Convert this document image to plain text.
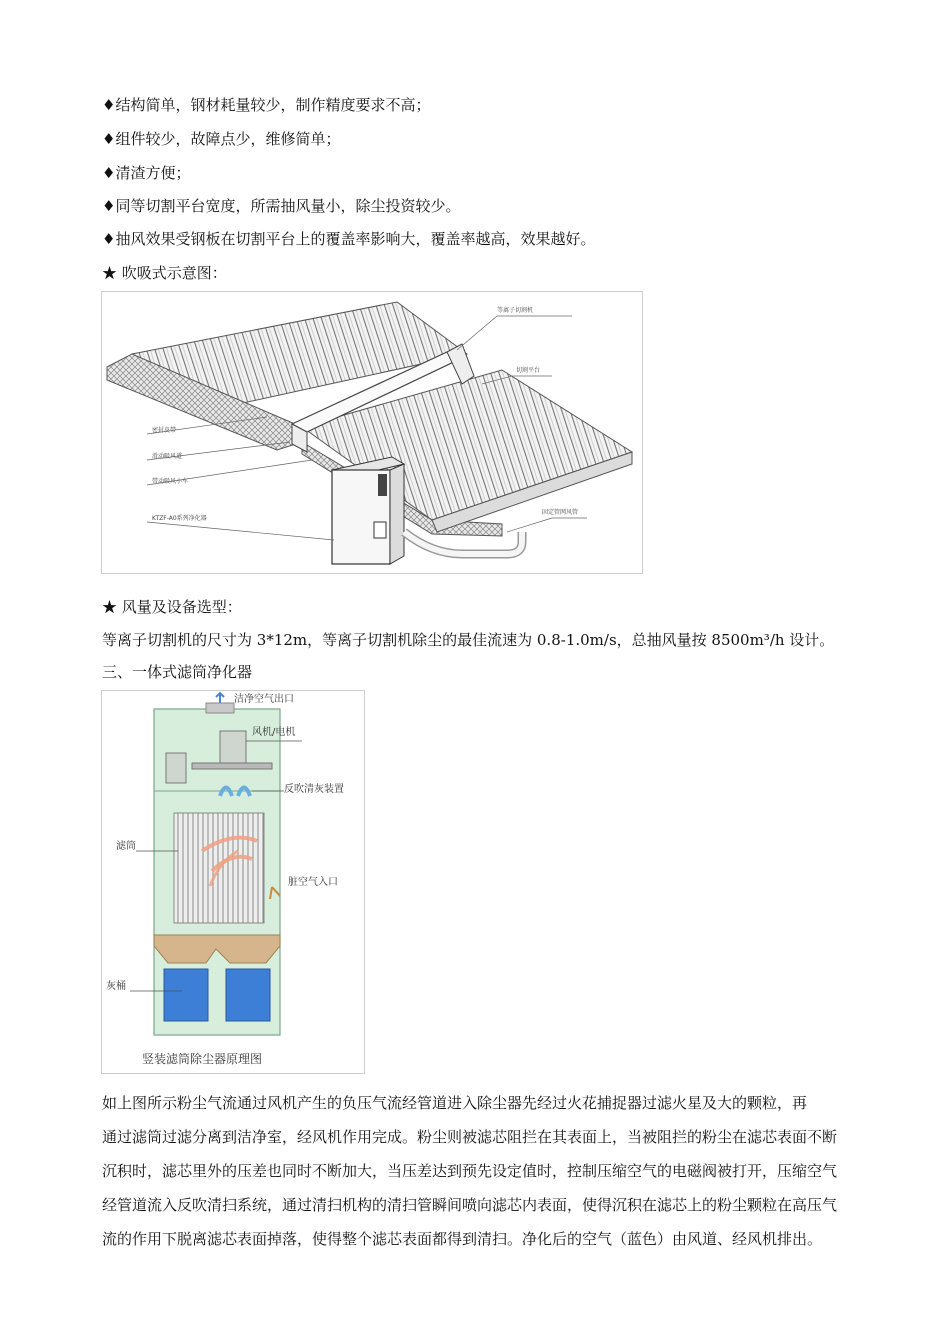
♦结构简单，钢材耗量较少，制作精度要求不高；
♦组件较少，故障点少，维修简单；
♦清渣方便；
♦同等切割平台宽度，所需抽风量小，除尘投资较少。
♦抽风效果受钢板在切割平台上的覆盖率影响大，覆盖率越高，效果越好。
★ 吹吸式示意图：
等离子切割机
切割平台
密封皮带
滑动吸风道
带动吸风小车
KTZF-A0系列净化器
固定管网风管
★ 风量及设备选型：
等离子切割机的尺寸为 3*12m，等离子切割机除尘的最佳流速为 0.8-1.0m/s，总抽风量按 8500m³/h 设计。
三、一体式滤筒净化器
洁净空气出口
风机/电机
反吹清灰装置
滤筒
脏空气入口
灰桶
竖装滤筒除尘器原理图
如上图所示粉尘气流通过风机产生的负压气流经管道进入除尘器先经过火花捕捉器过滤火星及大的颗粒，再
通过滤筒过滤分离到洁净室，经风机作用完成。粉尘则被滤芯阻拦在其表面上，当被阻拦的粉尘在滤芯表面不断
沉积时，滤芯里外的压差也同时不断加大，当压差达到预先设定值时，控制压缩空气的电磁阀被打开，压缩空气
经管道流入反吹清扫系统，通过清扫机构的清扫管瞬间喷向滤芯内表面，使得沉积在滤芯上的粉尘颗粒在高压气
流的作用下脱离滤芯表面掉落，使得整个滤芯表面都得到清扫。净化后的空气（蓝色）由风道、经风机排出。
